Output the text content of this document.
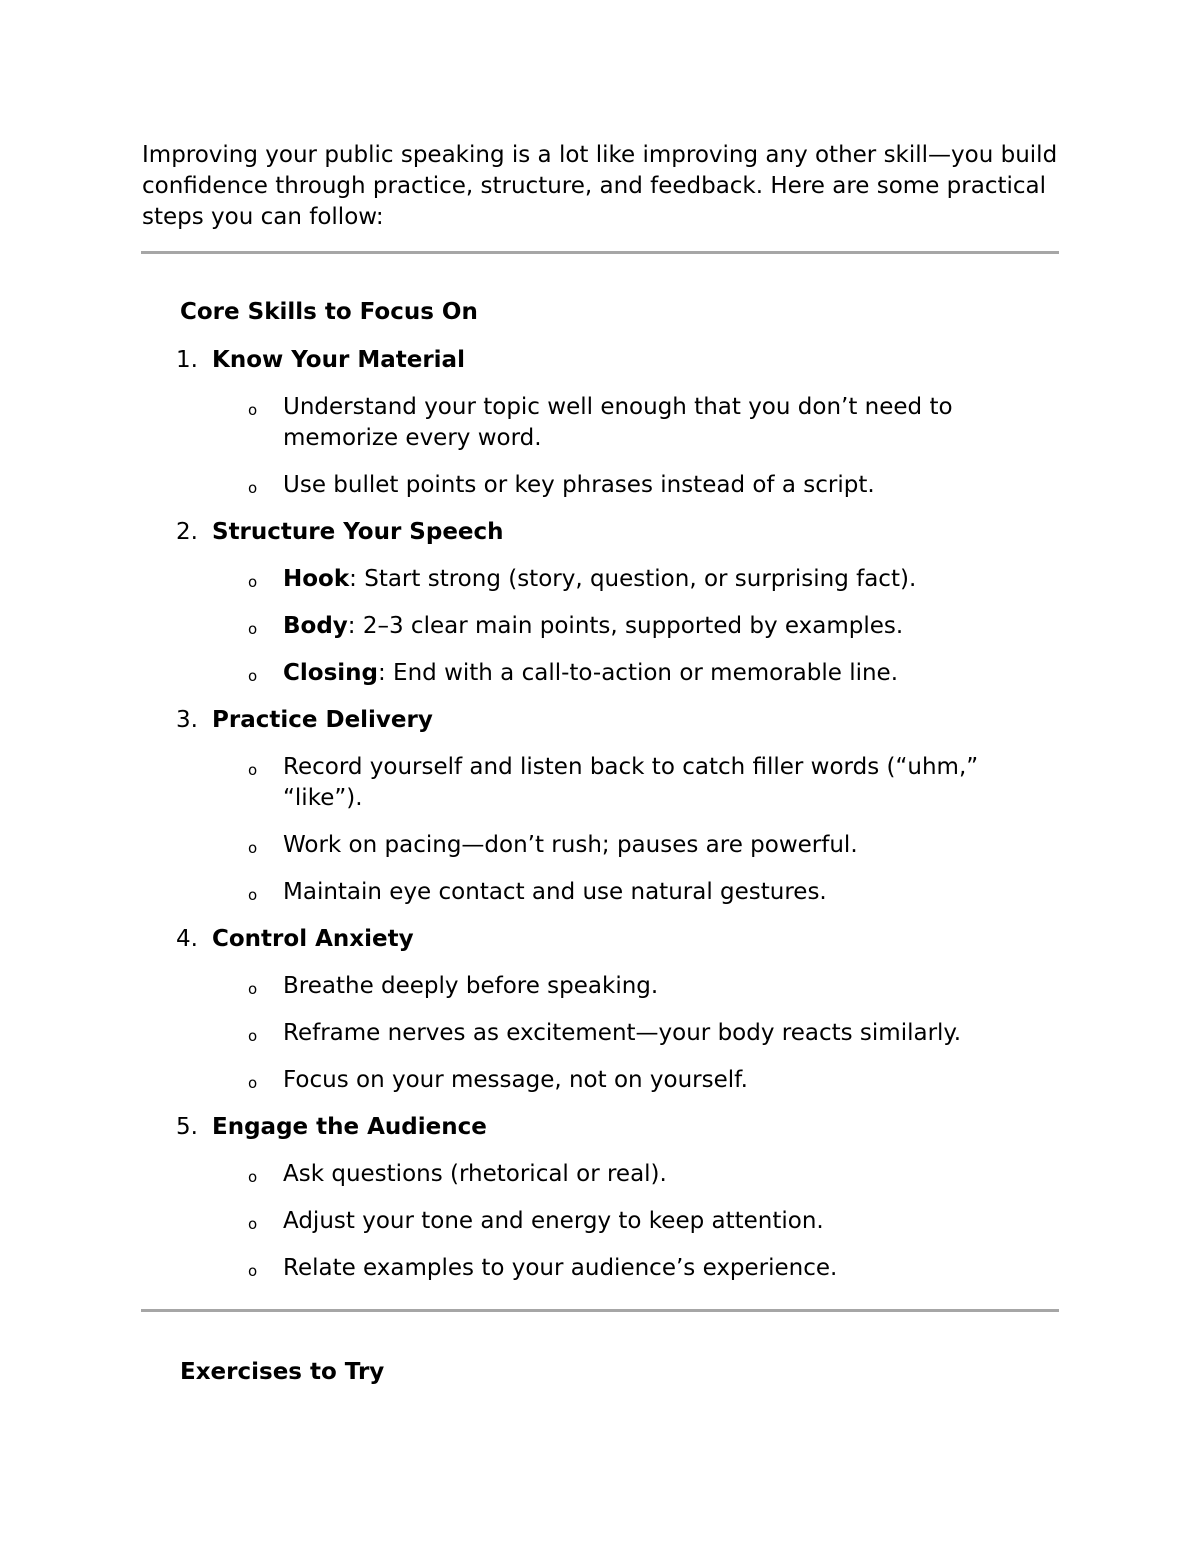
Improving your public speaking is a lot like improving any other skill—you build confidence through practice, structure, and feedback. Here are some practical steps you can follow:

Core Skills to Focus On
1. Know Your Material
o Understand your topic well enough that you don’t need to memorize every word.
o Use bullet points or key phrases instead of a script.
2. Structure Your Speech
o Hook: Start strong (story, question, or surprising fact).
o Body: 2–3 clear main points, supported by examples.
o Closing: End with a call-to-action or memorable line.
3. Practice Delivery
o Record yourself and listen back to catch filler words (“uhm,” “like”).
o Work on pacing—don’t rush; pauses are powerful.
o Maintain eye contact and use natural gestures.
4. Control Anxiety
o Breathe deeply before speaking.
o Reframe nerves as excitement—your body reacts similarly.
o Focus on your message, not on yourself.
5. Engage the Audience
o Ask questions (rhetorical or real).
o Adjust your tone and energy to keep attention.
o Relate examples to your audience’s experience.
Exercises to Try
